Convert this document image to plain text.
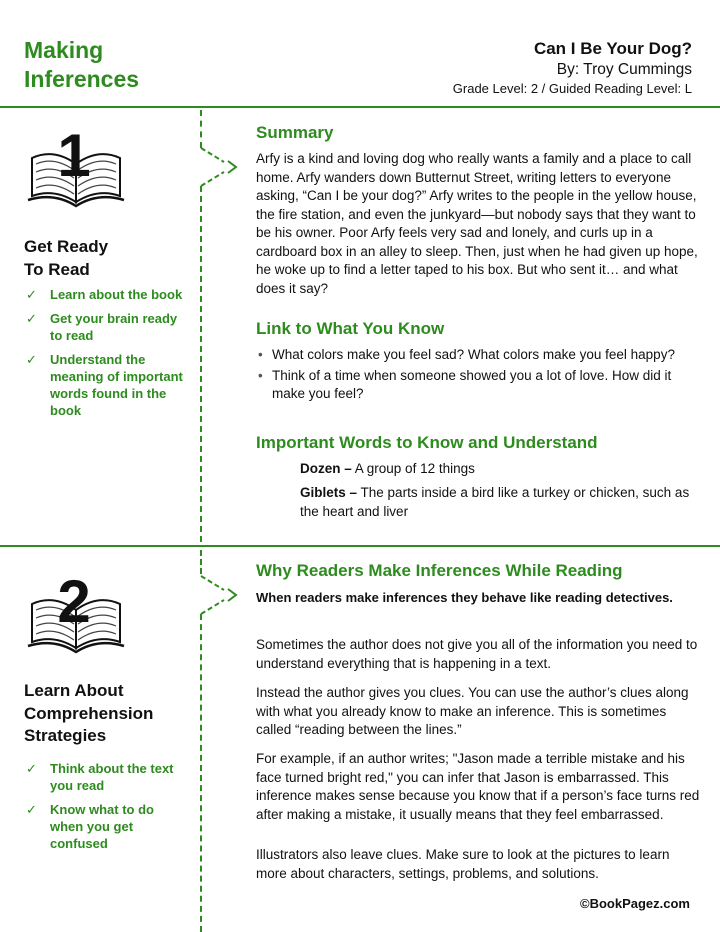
Making
Inferences
Can I Be Your Dog?
By: Troy Cummings
Grade Level: 2 / Guided Reading Level: L
1
Get Ready
To Read
✓ Learn about the book
✓ Get your brain ready to read
✓ Understand the meaning of important words found in the book
Summary

Arfy is a kind and loving dog who really wants a family and a place to call home. Arfy wanders down Butternut Street, writing letters to everyone asking, “Can I be your dog?” Arfy writes to the people in the yellow house, the fire station, and even the junkyard—but nobody says that they want to be his owner. Poor Arfy feels very sad and lonely, and curls up in a cardboard box in an alley to sleep. Then, just when he had given up hope, he woke up to find a letter taped to his box. But who sent it… and what does it say?

Link to What You Know
• What colors make you feel sad? What colors make you feel happy?
• Think of a time when someone showed you a lot of love. How did it make you feel?
Important Words to Know and Understand

Dozen – A group of 12 things

Giblets – The parts inside a bird like a turkey or chicken, such as the heart and liver

2
Learn About
Comprehension
Strategies
✓ Think about the text you read
✓ Know what to do when you get confused
Why Readers Make Inferences While Reading

When readers make inferences they behave like reading detectives.

Sometimes the author does not give you all of the information you need to understand everything that is happening in a text.

Instead the author gives you clues. You can use the author’s clues along with what you already know to make an inference. This is sometimes called “reading between the lines.”

For example, if an author writes; "Jason made a terrible mistake and his face turned bright red," you can infer that Jason is embarrassed. This inference makes sense because you know that if a person’s face turns red after making a mistake, it usually means that they feel embarrassed.

Illustrators also leave clues. Make sure to look at the pictures to learn more about characters, settings, problems, and solutions.

©BookPagez.com
